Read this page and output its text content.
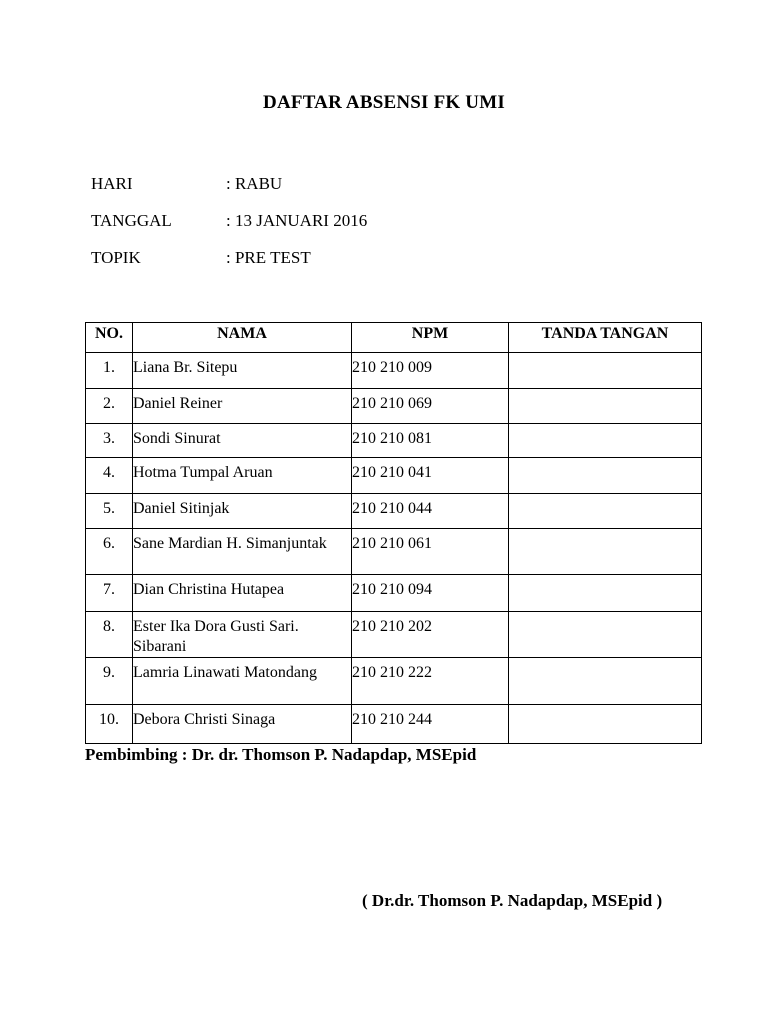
DAFTAR ABSENSI FK UMI
HARI	: RABU
TANGGAL	: 13 JANUARI 2016
TOPIK	: PRE TEST
NO.	NAMA	NPM	TANDA TANGAN
1.	Liana Br. Sitepu	210 210 009	
2.	Daniel Reiner	210 210 069	
3.	Sondi Sinurat	210 210 081	
4.	Hotma Tumpal Aruan	210 210 041	
5.	Daniel Sitinjak	210 210 044	
6.	Sane Mardian H. Simanjuntak	210 210 061	
7.	Dian Christina Hutapea	210 210 094	
8.	Ester Ika Dora Gusti Sari. Sibarani	210 210 202	
9.	Lamria Linawati Matondang	210 210 222	
10.	Debora Christi Sinaga	210 210 244	
Pembimbing : Dr. dr. Thomson P. Nadapdap, MSEpid
( Dr.dr. Thomson P. Nadapdap, MSEpid )
